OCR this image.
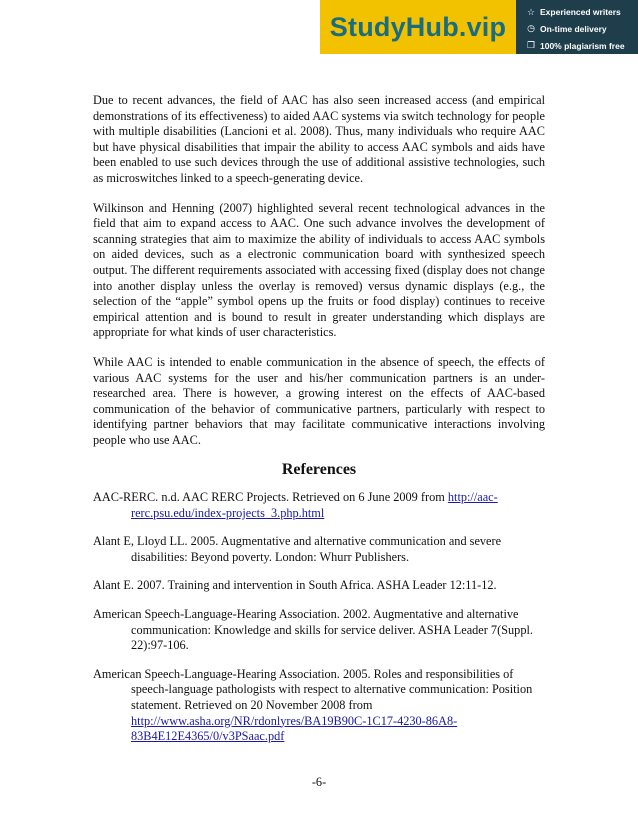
StudyHub.vip ☆ Experienced writers
◷ On-time delivery
❐ 100% plagiarism free

Due to recent advances, the field of AAC has also seen increased access (and empirical demonstrations of its effectiveness) to aided AAC systems via switch technology for people with multiple disabilities (Lancioni et al. 2008). Thus, many individuals who require AAC but have physical disabilities that impair the ability to access AAC symbols and aids have been enabled to use such devices through the use of additional assistive technologies, such as microswitches linked to a speech-generating device.

Wilkinson and Henning (2007) highlighted several recent technological advances in the field that aim to expand access to AAC. One such advance involves the development of scanning strategies that aim to maximize the ability of individuals to access AAC symbols on aided devices, such as a electronic communication board with synthesized speech output. The different requirements associated with accessing fixed (display does not change into another display unless the overlay is removed) versus dynamic displays (e.g., the selection of the “apple” symbol opens up the fruits or food display) continues to receive empirical attention and is bound to result in greater understanding which displays are appropriate for what kinds of user characteristics.

While AAC is intended to enable communication in the absence of speech, the effects of various AAC systems for the user and his/her communication partners is an under-researched area. There is however, a growing interest on the effects of AAC-based communication of the behavior of communicative partners, particularly with respect to identifying partner behaviors that may facilitate communicative interactions involving people who use AAC.

References

AAC-RERC. n.d. AAC RERC Projects. Retrieved on 6 June 2009 from http://aac-rerc.psu.edu/index-projects_3.php.html

Alant E, Lloyd LL. 2005. Augmentative and alternative communication and severe disabilities: Beyond poverty. London: Whurr Publishers.

Alant E. 2007. Training and intervention in South Africa. ASHA Leader 12:11-12.

American Speech-Language-Hearing Association. 2002. Augmentative and alternative communication: Knowledge and skills for service deliver. ASHA Leader 7(Suppl. 22):97-106.

American Speech-Language-Hearing Association. 2005. Roles and responsibilities of speech-language pathologists with respect to alternative communication: Position statement. Retrieved on 20 November 2008 from http://www.asha.org/NR/rdonlyres/BA19B90C-1C17-4230-86A8-83B4E12E4365/0/v3PSaac.pdf

-6-
